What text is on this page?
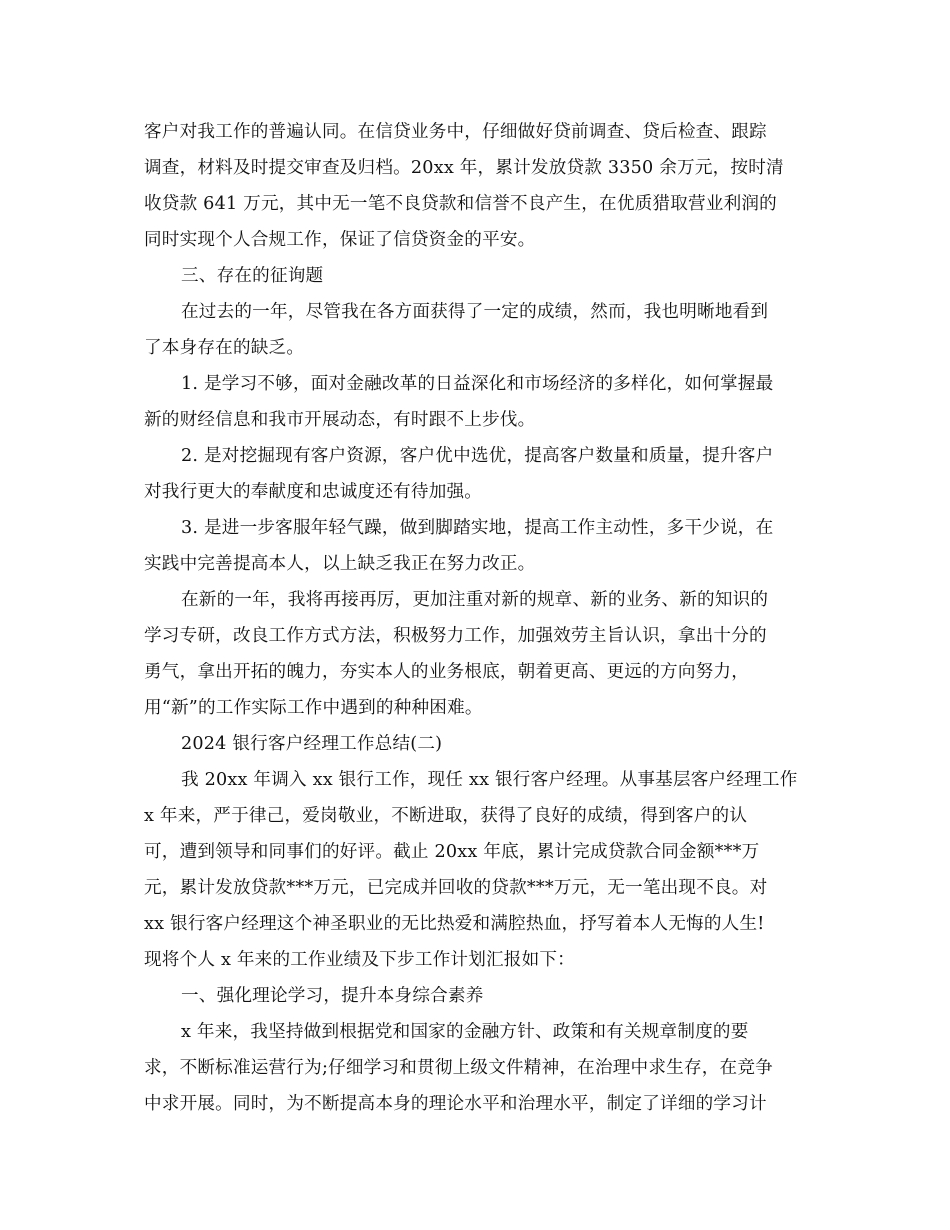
客户对我工作的普遍认同。在信贷业务中，仔细做好贷前调查、贷后检查、跟踪
调查，材料及时提交审查及归档。20xx 年，累计发放贷款 3350 余万元，按时清
收贷款 641 万元，其中无一笔不良贷款和信誉不良产生，在优质猎取营业利润的
同时实现个人合规工作，保证了信贷资金的平安。
三、存在的征询题
在过去的一年，尽管我在各方面获得了一定的成绩，然而，我也明晰地看到
了本身存在的缺乏。
1. 是学习不够，面对金融改革的日益深化和市场经济的多样化，如何掌握最
新的财经信息和我市开展动态，有时跟不上步伐。
2. 是对挖掘现有客户资源，客户优中选优，提高客户数量和质量，提升客户
对我行更大的奉献度和忠诚度还有待加强。
3. 是进一步客服年轻气躁，做到脚踏实地，提高工作主动性，多干少说，在
实践中完善提高本人，以上缺乏我正在努力改正。
在新的一年，我将再接再厉，更加注重对新的规章、新的业务、新的知识的
学习专研，改良工作方式方法，积极努力工作，加强效劳主旨认识，拿出十分的
勇气，拿出开拓的魄力，夯实本人的业务根底，朝着更高、更远的方向努力，
用“新”的工作实际工作中遇到的种种困难。
2024 银行客户经理工作总结(二)
我 20xx 年调入 xx 银行工作，现任 xx 银行客户经理。从事基层客户经理工作
x 年来，严于律己，爱岗敬业，不断进取，获得了良好的成绩，得到客户的认
可，遭到领导和同事们的好评。截止 20xx 年底，累计完成贷款合同金额***万
元，累计发放贷款***万元，已完成并回收的贷款***万元，无一笔出现不良。对
xx 银行客户经理这个神圣职业的无比热爱和满腔热血，抒写着本人无悔的人生!
现将个人 x 年来的工作业绩及下步工作计划汇报如下：
一、强化理论学习，提升本身综合素养
x 年来，我坚持做到根据党和国家的金融方针、政策和有关规章制度的要
求，不断标准运营行为;仔细学习和贯彻上级文件精神，在治理中求生存，在竞争
中求开展。同时，为不断提高本身的理论水平和治理水平，制定了详细的学习计
